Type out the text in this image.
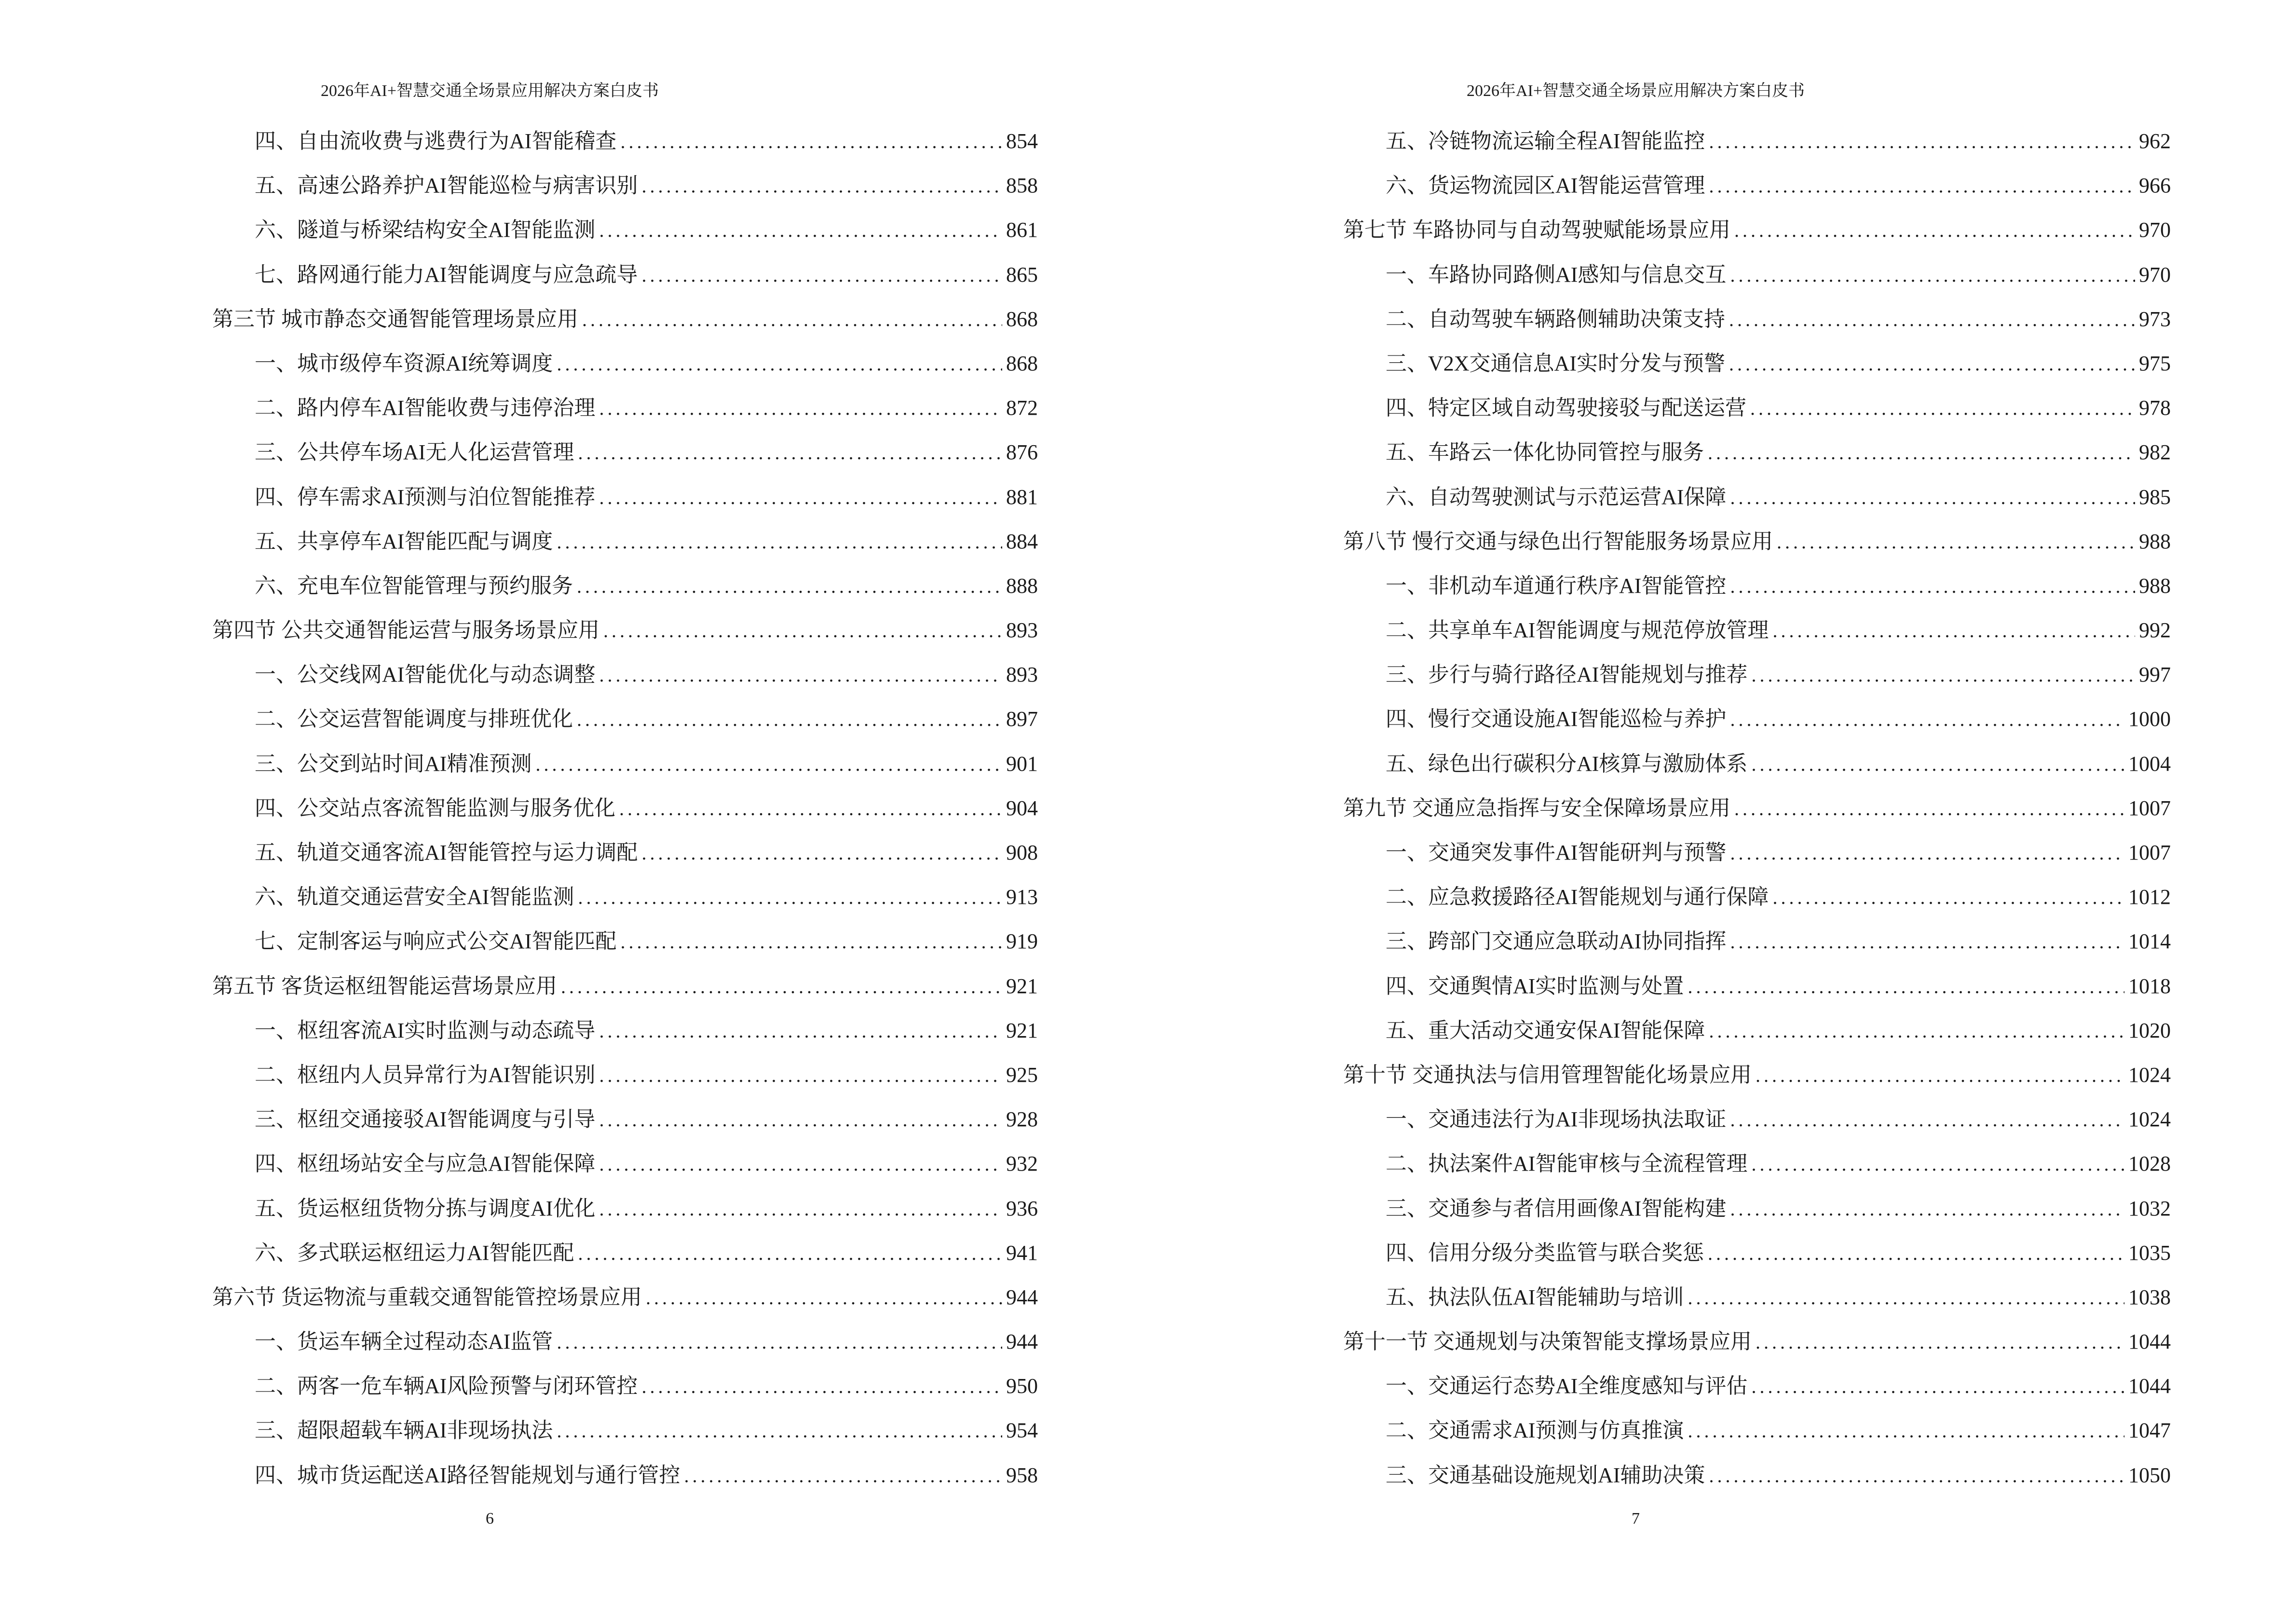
2026年AI+智慧交通全场景应用解决方案白皮书
四、自由流收费与逃费行为AI智能稽查 .....	854
五、高速公路养护AI智能巡检与病害识别 .....	858
六、隧道与桥梁结构安全AI智能监测 .....	861
七、路网通行能力AI智能调度与应急疏导 .....	865
第三节 城市静态交通智能管理场景应用 .....	868
一、城市级停车资源AI统筹调度 .....	868
二、路内停车AI智能收费与违停治理 .....	872
三、公共停车场AI无人化运营管理 .....	876
四、停车需求AI预测与泊位智能推荐 .....	881
五、共享停车AI智能匹配与调度 .....	884
六、充电车位智能管理与预约服务 .....	888
第四节 公共交通智能运营与服务场景应用 .....	893
一、公交线网AI智能优化与动态调整 .....	893
二、公交运营智能调度与排班优化 .....	897
三、公交到站时间AI精准预测 .....	901
四、公交站点客流智能监测与服务优化 .....	904
五、轨道交通客流AI智能管控与运力调配 .....	908
六、轨道交通运营安全AI智能监测 .....	913
七、定制客运与响应式公交AI智能匹配 .....	919
第五节 客货运枢纽智能运营场景应用 .....	921
一、枢纽客流AI实时监测与动态疏导 .....	921
二、枢纽内人员异常行为AI智能识别 .....	925
三、枢纽交通接驳AI智能调度与引导 .....	928
四、枢纽场站安全与应急AI智能保障 .....	932
五、货运枢纽货物分拣与调度AI优化 .....	936
六、多式联运枢纽运力AI智能匹配 .....	941
第六节 货运物流与重载交通智能管控场景应用 .....	944
一、货运车辆全过程动态AI监管 .....	944
二、两客一危车辆AI风险预警与闭环管控 .....	950
三、超限超载车辆AI非现场执法 .....	954
四、城市货运配送AI路径智能规划与通行管控 .....	958
6
2026年AI+智慧交通全场景应用解决方案白皮书
五、冷链物流运输全程AI智能监控 .....	962
六、货运物流园区AI智能运营管理 .....	966
第七节 车路协同与自动驾驶赋能场景应用 .....	970
一、车路协同路侧AI感知与信息交互 .....	970
二、自动驾驶车辆路侧辅助决策支持 .....	973
三、V2X交通信息AI实时分发与预警 .....	975
四、特定区域自动驾驶接驳与配送运营 .....	978
五、车路云一体化协同管控与服务 .....	982
六、自动驾驶测试与示范运营AI保障 .....	985
第八节 慢行交通与绿色出行智能服务场景应用 .....	988
一、非机动车道通行秩序AI智能管控 .....	988
二、共享单车AI智能调度与规范停放管理 .....	992
三、步行与骑行路径AI智能规划与推荐 .....	997
四、慢行交通设施AI智能巡检与养护 .....	1000
五、绿色出行碳积分AI核算与激励体系 .....	1004
第九节 交通应急指挥与安全保障场景应用 .....	1007
一、交通突发事件AI智能研判与预警 .....	1007
二、应急救援路径AI智能规划与通行保障 .....	1012
三、跨部门交通应急联动AI协同指挥 .....	1014
四、交通舆情AI实时监测与处置 .....	1018
五、重大活动交通安保AI智能保障 .....	1020
第十节 交通执法与信用管理智能化场景应用 .....	1024
一、交通违法行为AI非现场执法取证 .....	1024
二、执法案件AI智能审核与全流程管理 .....	1028
三、交通参与者信用画像AI智能构建 .....	1032
四、信用分级分类监管与联合奖惩 .....	1035
五、执法队伍AI智能辅助与培训 .....	1038
第十一节 交通规划与决策智能支撑场景应用 .....	1044
一、交通运行态势AI全维度感知与评估 .....	1044
二、交通需求AI预测与仿真推演 .....	1047
三、交通基础设施规划AI辅助决策 .....	1050
7
